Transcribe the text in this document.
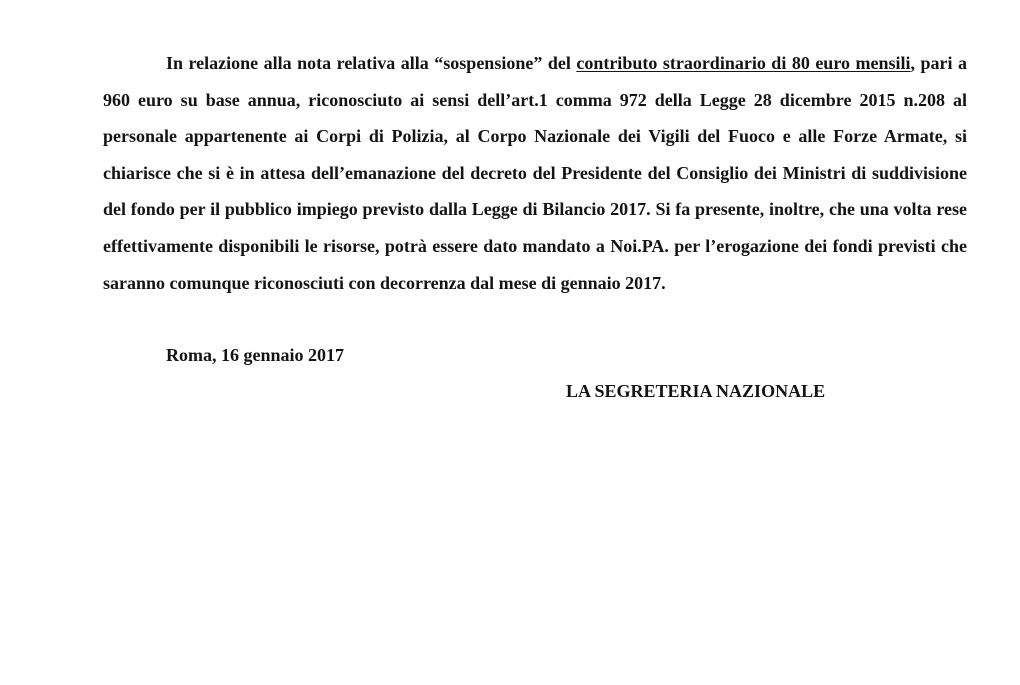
In relazione alla nota relativa alla “sospensione” del contributo straordinario di 80 euro mensili, pari a 960 euro su base annua, riconosciuto ai sensi dell’art.1 comma 972 della Legge 28 dicembre 2015 n.208 al personale appartenente ai Corpi di Polizia, al Corpo Nazionale dei Vigili del Fuoco e alle Forze Armate, si chiarisce che si è in attesa dell’emanazione del decreto del Presidente del Consiglio dei Ministri di suddivisione del fondo per il pubblico impiego previsto dalla Legge di Bilancio 2017. Si fa presente, inoltre, che una volta rese effettivamente disponibili le risorse, potrà essere dato mandato a Noi.PA. per l’erogazione dei fondi previsti che saranno comunque riconosciuti con decorrenza dal mese di gennaio 2017.

Roma, 16 gennaio 2017

LA SEGRETERIA NAZIONALE
